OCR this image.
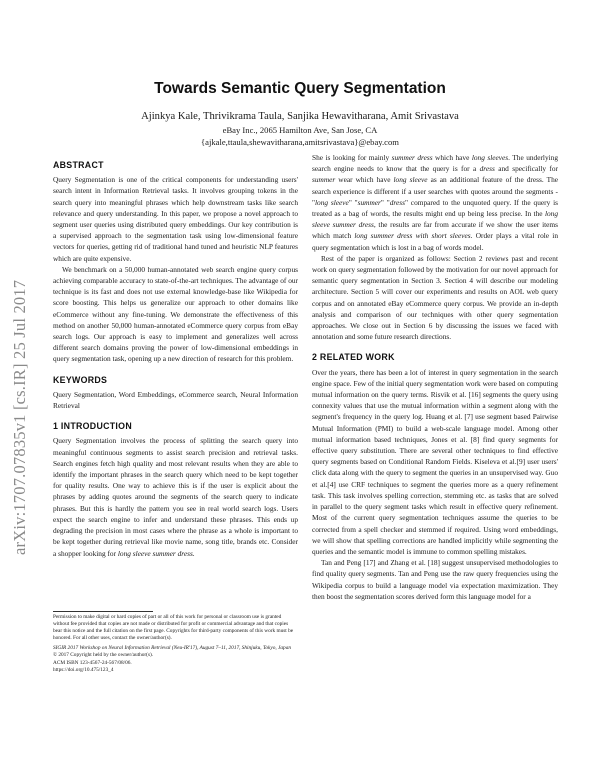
arXiv:1707.07835v1 [cs.IR] 25 Jul 2017
Towards Semantic Query Segmentation
Ajinkya Kale, Thrivikrama Taula, Sanjika Hewavitharana, Amit Srivastava
eBay Inc., 2065 Hamilton Ave, San Jose, CA
{ajkale,ttaula,shewavitharana,amitsrivastava}@ebay.com
ABSTRACT

Query Segmentation is one of the critical components for understanding users' search intent in Information Retrieval tasks. It involves grouping tokens in the search query into meaningful phrases which help downstream tasks like search relevance and query understanding. In this paper, we propose a novel approach to segment user queries using distributed query embeddings. Our key contribution is a supervised approach to the segmentation task using low-dimensional feature vectors for queries, getting rid of traditional hand tuned and heuristic NLP features which are quite expensive.

We benchmark on a 50,000 human-annotated web search engine query corpus achieving comparable accuracy to state-of-the-art techniques. The advantage of our technique is its fast and does not use external knowledge-base like Wikipedia for score boosting. This helps us generalize our approach to other domains like eCommerce without any fine-tuning. We demonstrate the effectiveness of this method on another 50,000 human-annotated eCommerce query corpus from eBay search logs. Our approach is easy to implement and generalizes well across different search domains proving the power of low-dimensional embeddings in query segmentation task, opening up a new direction of research for this problem.

KEYWORDS

Query Segmentation, Word Embeddings, eCommerce search, Neural Information Retrieval

1 INTRODUCTION

Query Segmentation involves the process of splitting the search query into meaningful continuous segments to assist search precision and retrieval tasks. Search engines fetch high quality and most relevant results when they are able to identify the important phrases in the search query which need to be kept together for quality results. One way to achieve this is if the user is explicit about the phrases by adding quotes around the segments of the search query to indicate phrases. But this is hardly the pattern you see in real world search logs. Users expect the search engine to infer and understand these phrases. This ends up degrading the precision in most cases where the phrase as a whole is important to be kept together during retrieval like movie name, song title, brands etc. Consider a shopper looking for long sleeve summer dress.

Permission to make digital or hard copies of part or all of this work for personal or classroom use is granted without fee provided that copies are not made or distributed for profit or commercial advantage and that copies bear this notice and the full citation on the first page. Copyrights for third-party components of this work must be honored. For all other uses, contact the owner/author(s).
SIGIR 2017 Workshop on Neural Information Retrieval (Neu-IR'17), August 7–11, 2017, Shinjuku, Tokyo, Japan
© 2017 Copyright held by the owner/author(s).
ACM ISBN 123-4567-24-567/08/06.
https://doi.org/10.475/123_4

She is looking for mainly summer dress which have long sleeves. The underlying search engine needs to know that the query is for a dress and specifically for summer wear which have long sleeve as an additional feature of the dress. The search experience is different if a user searches with quotes around the segments - "long sleeve" "summer" "dress" compared to the unquoted query. If the query is treated as a bag of words, the results might end up being less precise. In the long sleeve summer dress, the results are far from accurate if we show the user items which match long summer dress with short sleeves. Order plays a vital role in query segmentation which is lost in a bag of words model.

Rest of the paper is organized as follows: Section 2 reviews past and recent work on query segmentation followed by the motivation for our novel approach for semantic query segmentation in Section 3. Section 4 will describe our modeling architecture. Section 5 will cover our experiments and results on AOL web query corpus and on annotated eBay eCommerce query corpus. We provide an in-depth analysis and comparison of our techniques with other query segmentation approaches. We close out in Section 6 by discussing the issues we faced with annotation and some future research directions.

2 RELATED WORK

Over the years, there has been a lot of interest in query segmentation in the search engine space. Few of the initial query segmentation work were based on computing mutual information on the query terms. Risvik et al. [16] segments the query using connexity values that use the mutual information within a segment along with the segment's frequency in the query log. Huang et al. [7] use segment based Pairwise Mutual Information (PMI) to build a web-scale language model. Among other mutual information based techniques, Jones et al. [8] find query segments for effective query substitution. There are several other techniques to find effective query segments based on Conditional Random Fields. Kiseleva et al.[9] user users' click data along with the query to segment the queries in an unsupervised way. Guo et al.[4] use CRF techniques to segment the queries more as a query refinement task. This task involves spelling correction, stemming etc. as tasks that are solved in parallel to the query segment tasks which result in effective query refinement. Most of the current query segmentation techniques assume the queries to be corrected from a spell checker and stemmed if required. Using word embeddings, we will show that spelling corrections are handled implicitly while segmenting the queries and the semantic model is immune to common spelling mistakes.

Tan and Peng [17] and Zhang et al. [18] suggest unsupervised methodologies to find quality query segments. Tan and Peng use the raw query frequencies using the Wikipedia corpus to build a language model via expectation maximization. They then boost the segmentation scores derived form this language model for a
